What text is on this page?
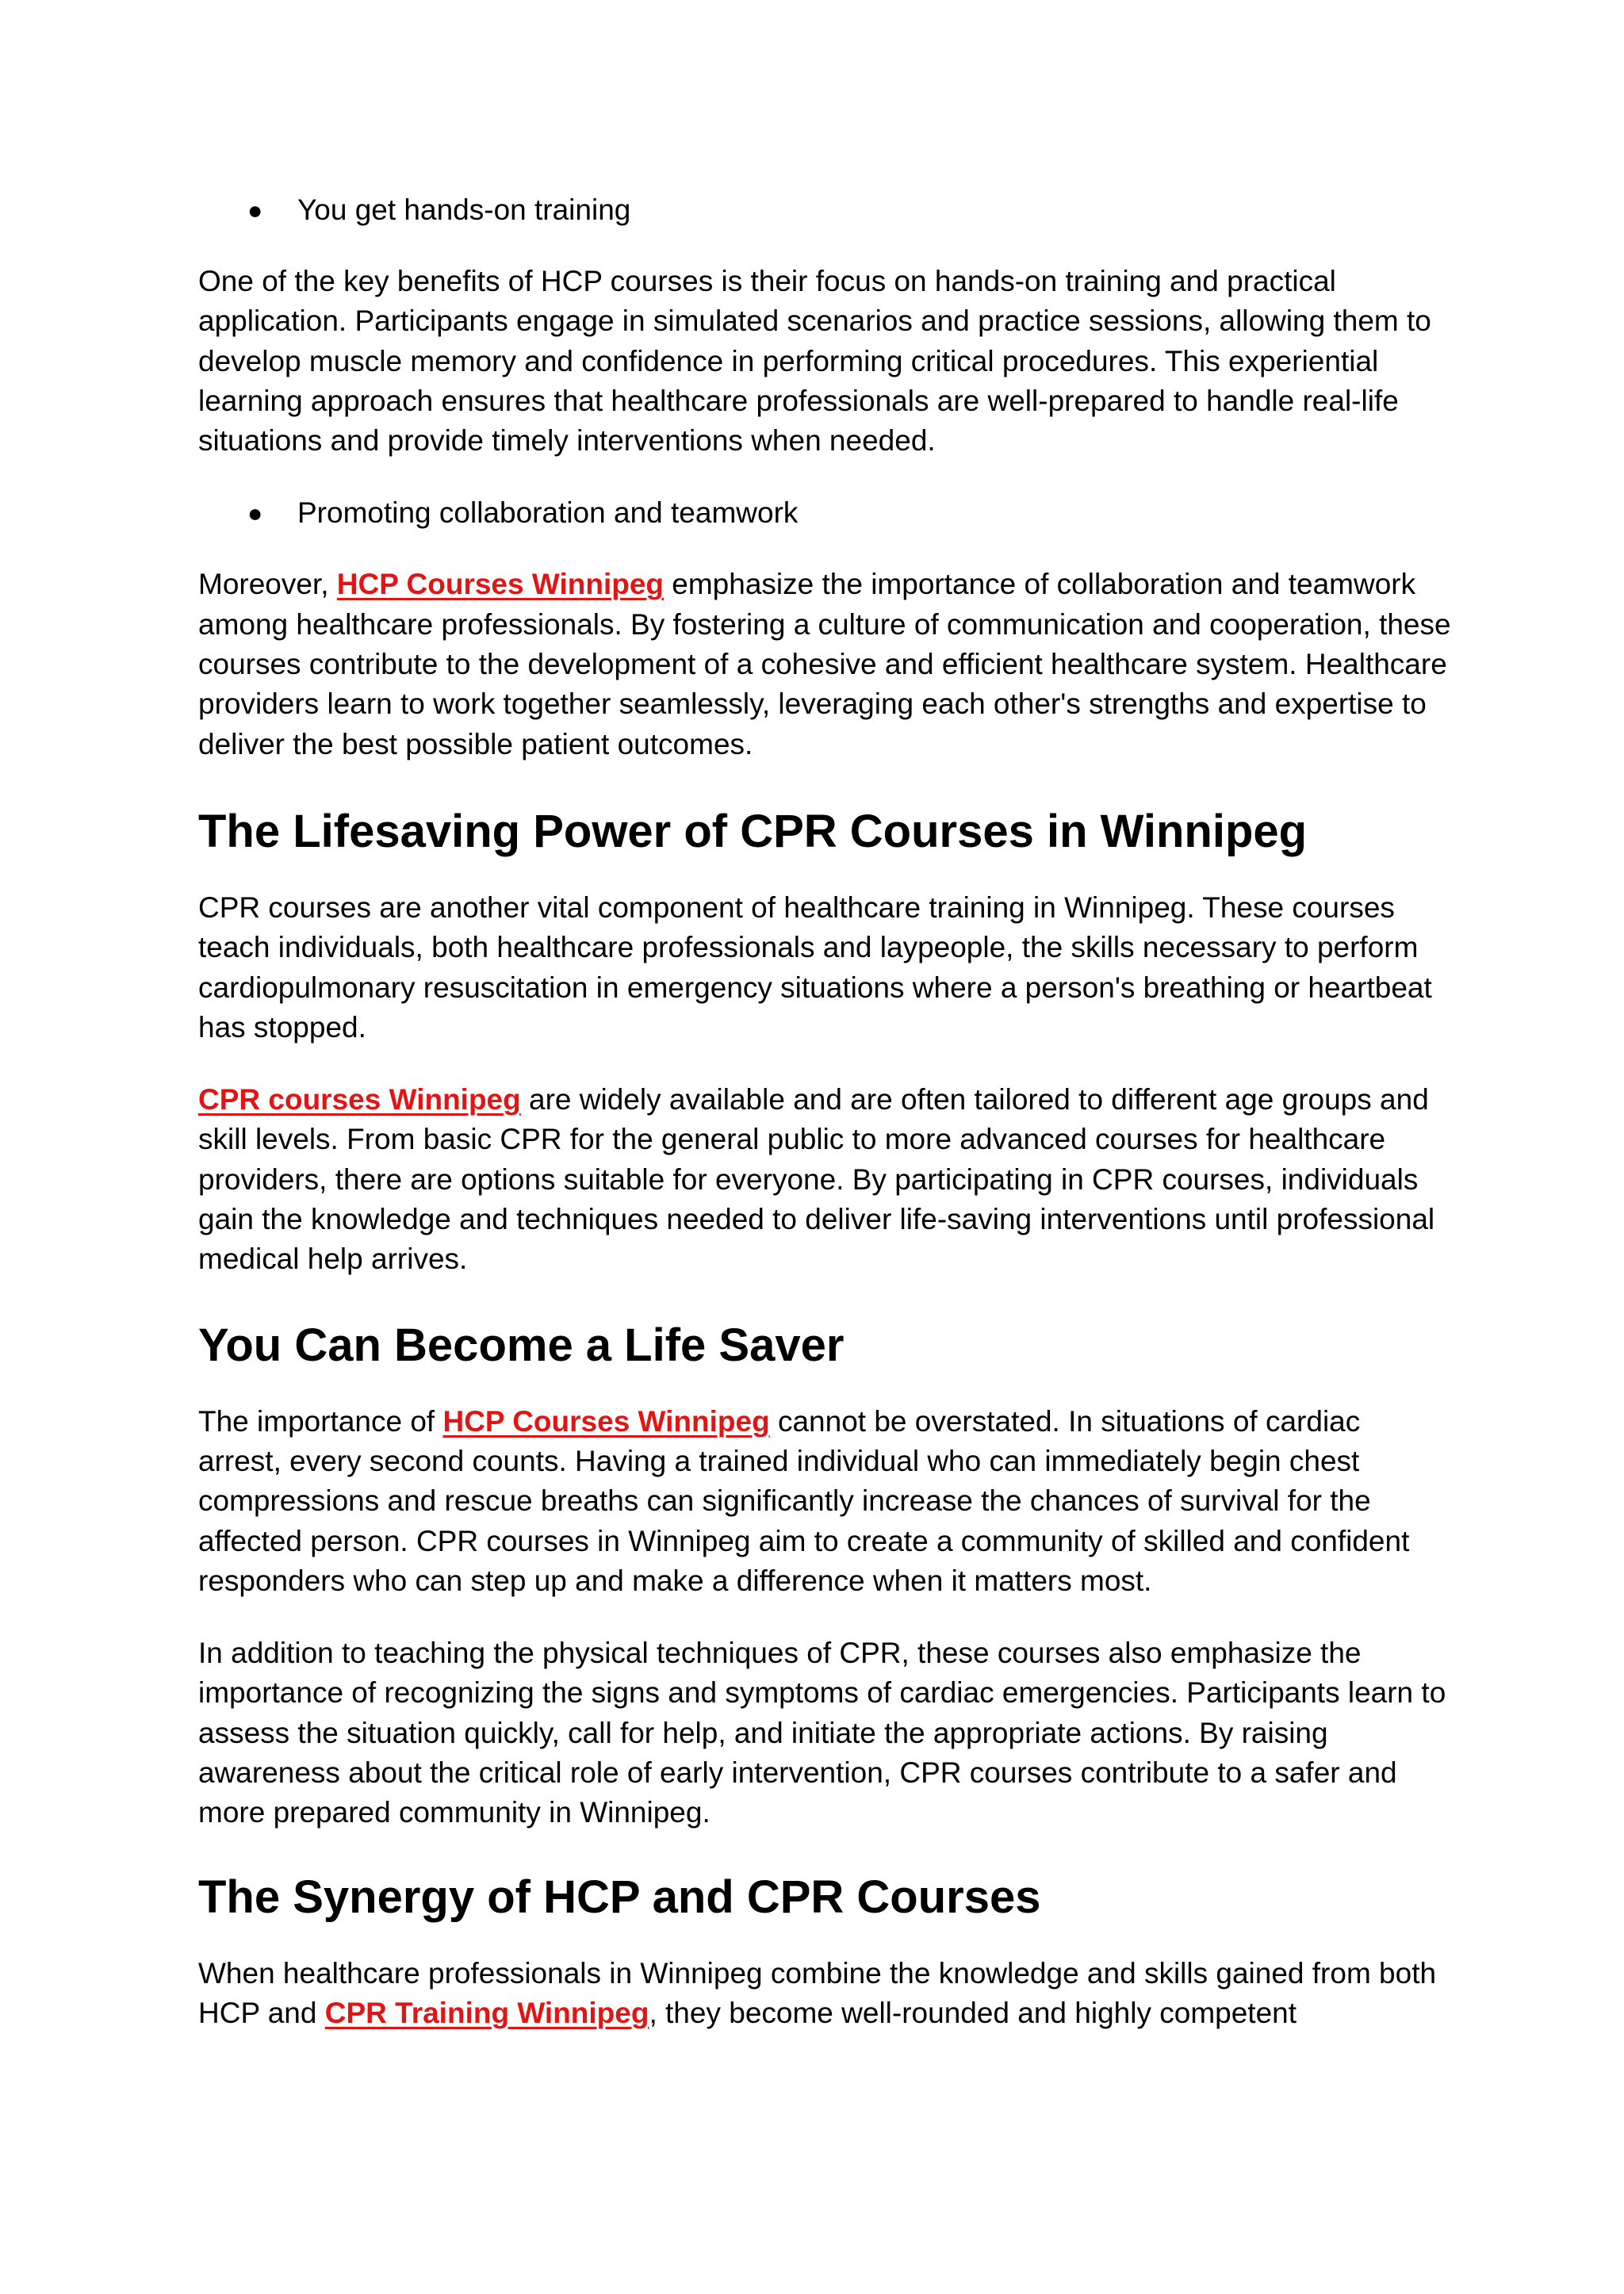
● You get hands-on training

One of the key benefits of HCP courses is their focus on hands-on training and practical application. Participants engage in simulated scenarios and practice sessions, allowing them to develop muscle memory and confidence in performing critical procedures. This experiential learning approach ensures that healthcare professionals are well-prepared to handle real-life situations and provide timely interventions when needed.

● Promoting collaboration and teamwork

Moreover, HCP Courses Winnipeg emphasize the importance of collaboration and teamwork among healthcare professionals. By fostering a culture of communication and cooperation, these courses contribute to the development of a cohesive and efficient healthcare system. Healthcare providers learn to work together seamlessly, leveraging each other's strengths and expertise to deliver the best possible patient outcomes.

The Lifesaving Power of CPR Courses in Winnipeg

CPR courses are another vital component of healthcare training in Winnipeg. These courses teach individuals, both healthcare professionals and laypeople, the skills necessary to perform cardiopulmonary resuscitation in emergency situations where a person's breathing or heartbeat has stopped.

CPR courses Winnipeg are widely available and are often tailored to different age groups and skill levels. From basic CPR for the general public to more advanced courses for healthcare providers, there are options suitable for everyone. By participating in CPR courses, individuals gain the knowledge and techniques needed to deliver life-saving interventions until professional medical help arrives.

You Can Become a Life Saver

The importance of HCP Courses Winnipeg cannot be overstated. In situations of cardiac arrest, every second counts. Having a trained individual who can immediately begin chest compressions and rescue breaths can significantly increase the chances of survival for the affected person. CPR courses in Winnipeg aim to create a community of skilled and confident responders who can step up and make a difference when it matters most.

In addition to teaching the physical techniques of CPR, these courses also emphasize the importance of recognizing the signs and symptoms of cardiac emergencies. Participants learn to assess the situation quickly, call for help, and initiate the appropriate actions. By raising awareness about the critical role of early intervention, CPR courses contribute to a safer and more prepared community in Winnipeg.

The Synergy of HCP and CPR Courses

When healthcare professionals in Winnipeg combine the knowledge and skills gained from both HCP and CPR Training Winnipeg, they become well-rounded and highly competent
